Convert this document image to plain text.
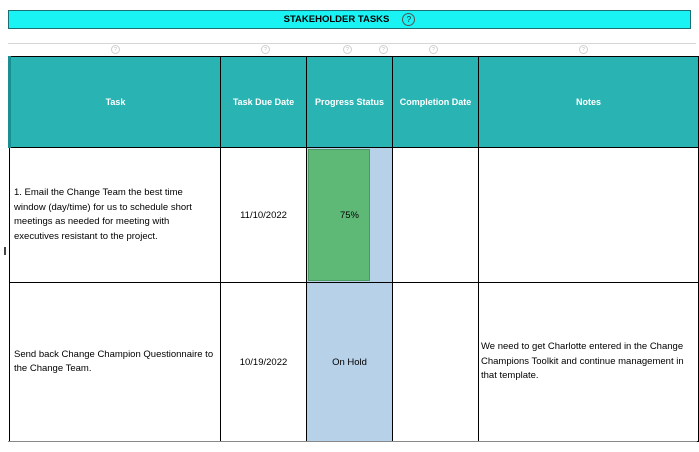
STAKEHOLDER TASKS	?
?	?	?	?	?	?
Task	Task Due Date	Progress Status	Completion Date	Notes
1. Email the Change Team the best time window (day/time) for us to schedule short meetings as needed for meeting with executives resistant to the project.	11/10/2022	75%		

Send back Change Champion Questionnaire to the Change Team.	10/19/2022	On Hold		We need to get Charlotte entered in the Change Champions Toolkit and continue management in that template.
